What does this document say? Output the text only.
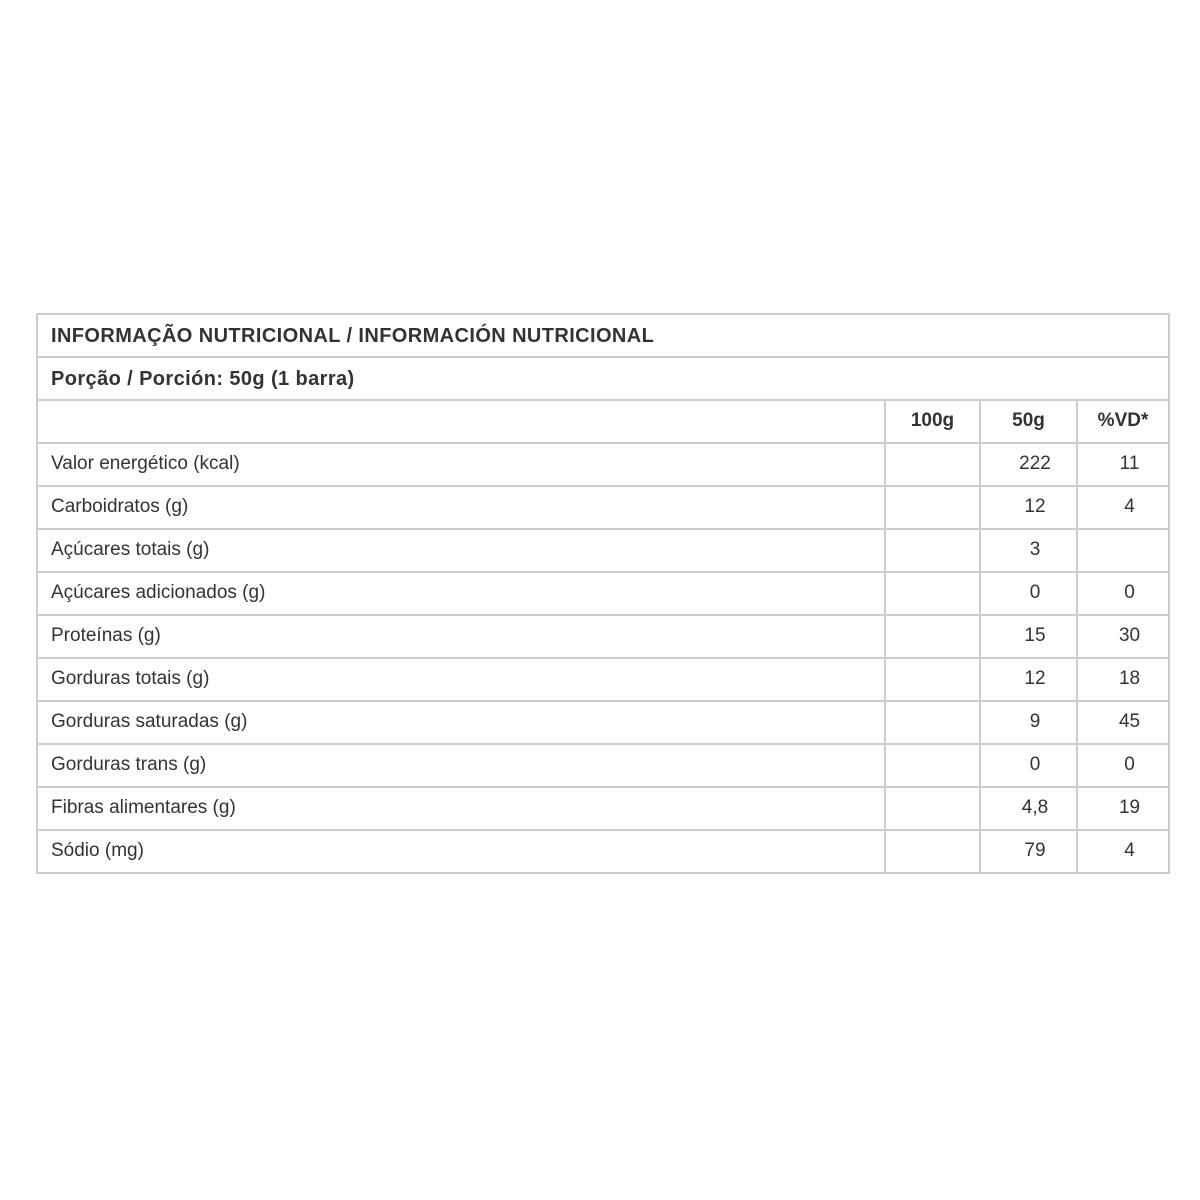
INFORMAÇÃO NUTRICIONAL / INFORMACIÓN NUTRICIONAL			
Porção / Porción: 50g (1 barra)			
	100g	50g	%VD*
Valor energético (kcal)		222	11
Carboidratos (g)		12	4
Açúcares totais (g)		3	
Açúcares adicionados (g)		0	0
Proteínas (g)		15	30
Gorduras totais (g)		12	18
Gorduras saturadas (g)		9	45
Gorduras trans (g)		0	0
Fibras alimentares (g)		4,8	19
Sódio (mg)		79	4
